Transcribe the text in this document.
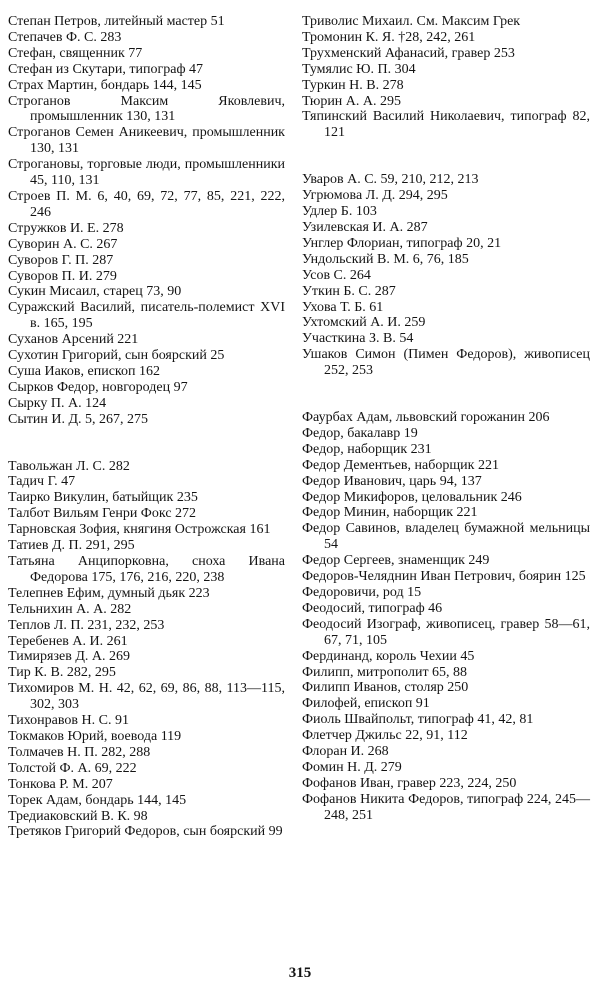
Степан Петров, литейный мастер 51

Степачев Ф. С. 283

Стефан, священник 77

Стефан из Скутари, типограф 47

Страх Мартин, бондарь 144, 145

Строганов Максим Яковлевич, промышленник 130, 131

Строганов Семен Аникеевич, промышленник 130, 131

Строгановы, торговые люди, промышленники 45, 110, 131

Строев П. М. 6, 40, 69, 72, 77, 85, 221, 222, 246

Стружков И. Е. 278

Суворин А. С. 267

Суворов Г. П. 287

Суворов П. И. 279

Сукин Мисаил, старец 73, 90

Суражский Василий, писатель-полемист XVI в. 165, 195

Суханов Арсений 221

Сухотин Григорий, сын боярский 25

Суша Иаков, епископ 162

Сырков Федор, новгородец 97

Сырку П. А. 124

Сытин И. Д. 5, 267, 275

Тавольжан Л. С. 282

Тадич Г. 47

Таирко Викулин, батыйщик 235

Талбот Вильям Генри Фокс 272

Тарновская Зофия, княгиня Острожская 161

Татиев Д. П. 291, 295

Татьяна Анципорковна, сноха Ивана Федорова 175, 176, 216, 220, 238

Телепнев Ефим, думный дьяк 223

Тельнихин А. А. 282

Теплов Л. П. 231, 232, 253

Теребенев А. И. 261

Тимирязев Д. А. 269

Тир К. В. 282, 295

Тихомиров М. Н. 42, 62, 69, 86, 88, 113—115, 302, 303

Тихонравов Н. С. 91

Токмаков Юрий, воевода 119

Толмачев Н. П. 282, 288

Толстой Ф. А. 69, 222

Тонкова Р. М. 207

Торек Адам, бондарь 144, 145

Тредиаковский В. К. 98

Третяков Григорий Федоров, сын боярский 99

Триволис Михаил. См. Максим Грек

Тромонин К. Я. †28, 242, 261

Трухменский Афанасий, гравер 253

Тумялис Ю. П. 304

Туркин Н. В. 278

Тюрин А. А. 295

Тяпинский Василий Николаевич, типограф 82, 121

Уваров А. С. 59, 210, 212, 213

Угрюмова Л. Д. 294, 295

Удлер Б. 103

Узилевская И. А. 287

Унглер Флориан, типограф 20, 21

Ундольский В. М. 6, 76, 185

Усов С. 264

Уткин Б. С. 287

Ухова Т. Б. 61

Ухтомский А. И. 259

Участкина З. В. 54

Ушаков Симон (Пимен Федоров), живописец 252, 253

Фаурбах Адам, львовский горожанин 206

Федор, бакалавр 19

Федор, наборщик 231

Федор Дементьев, наборщик 221

Федор Иванович, царь 94, 137

Федор Микифоров, целовальник 246

Федор Минин, наборщик 221

Федор Савинов, владелец бумажной мельницы 54

Федор Сергеев, знаменщик 249

Федоров-Челяднин Иван Петрович, боярин 125

Федоровичи, род 15

Феодосий, типограф 46

Феодосий Изограф, живописец, гравер 58—61, 67, 71, 105

Фердинанд, король Чехии 45

Филипп, митрополит 65, 88

Филипп Иванов, столяр 250

Филофей, епископ 91

Фиоль Швайпольт, типограф 41, 42, 81

Флетчер Джильс 22, 91, 112

Флоран И. 268

Фомин Н. Д. 279

Фофанов Иван, гравер 223, 224, 250

Фофанов Никита Федоров, типограф 224, 245—248, 251

315
